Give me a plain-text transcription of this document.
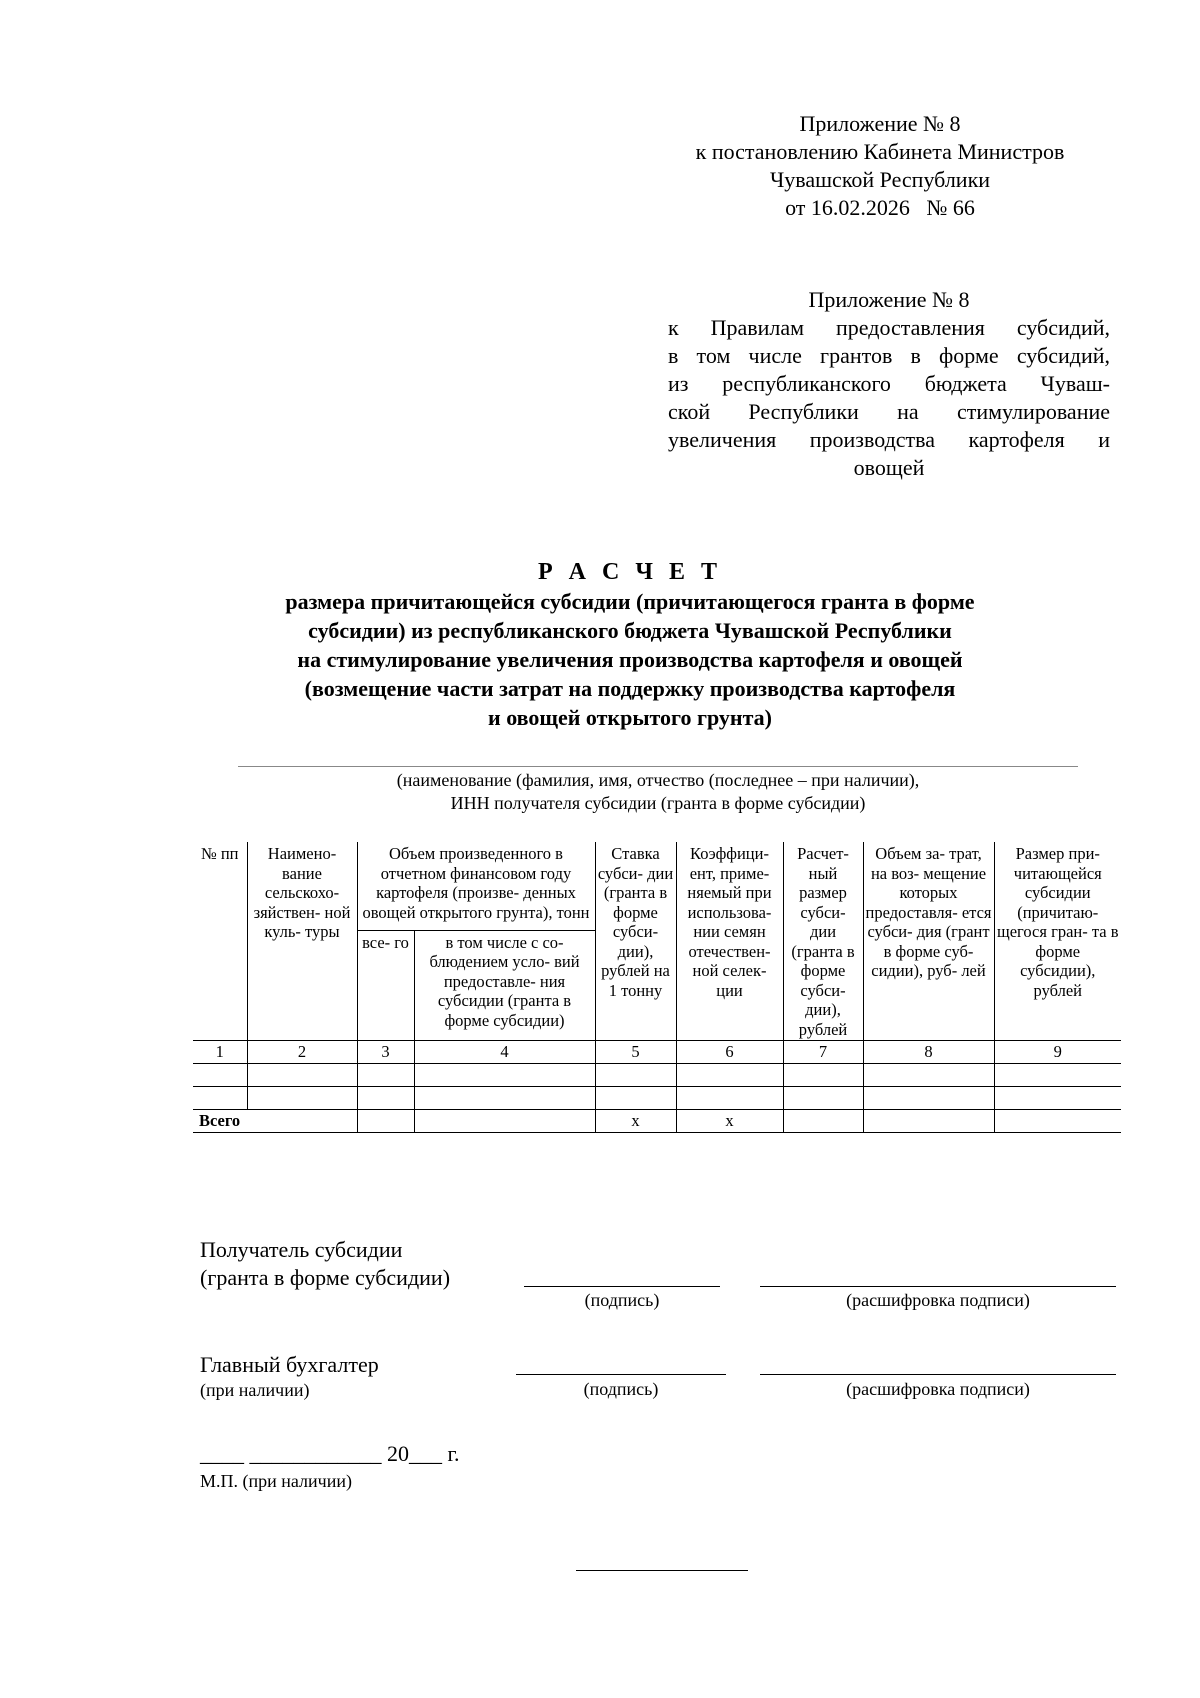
Приложение № 8
к постановлению Кабинета Министров
Чувашской Республики
от 16.02.2026   № 66
Приложение № 8
к Правилам предоставления субсидий,
в том числе грантов в форме субсидий,
из республиканского бюджета Чуваш-
ской Республики на стимулирование
увеличения производства картофеля и
овощей
Р А С Ч Е Т
размера причитающейся субсидии (причитающегося гранта в форме
субсидии) из республиканского бюджета Чувашской Республики
на стимулирование увеличения производства картофеля и овощей
(возмещение части затрат на поддержку производства картофеля
и овощей открытого грунта)
(наименование (фамилия, имя, отчество (последнее – при наличии),
ИНН получателя субсидии (гранта в форме субсидии)
№ пп	Наимено- вание сельскохо- зяйствен- ной куль- туры	Объем произведенного в отчетном финансовом году картофеля (произве- денных овощей открытого грунта), тонн		Ставка субси- дии (гранта в форме субси- дии), рублей на 1 тонну	Коэффици- ент, приме- няемый при использова- нии семян отечествен- ной селек- ции	Расчет- ный размер субси- дии (гранта в форме субси- дии), рублей	Объем за- трат, на воз- мещение которых предоставля- ется субси- дия (грант в форме суб- сидии), руб- лей	Размер при- читающейся субсидии (причитаю- щегося гран- та в форме субсидии), рублей
		все- го	в том числе с со- блюдением усло- вий предоставле- ния субсидии (гранта в форме субсидии)					
1	2	3	4	5	6	7	8	9

Всего				x	x			
Получатель субсидии
(гранта в форме субсидии)
(подпись)	(расшифровка подписи)
Главный бухгалтер
(при наличии)	(подпись)	(расшифровка подписи)
____ ____________ 20___ г.
М.П. (при наличии)
